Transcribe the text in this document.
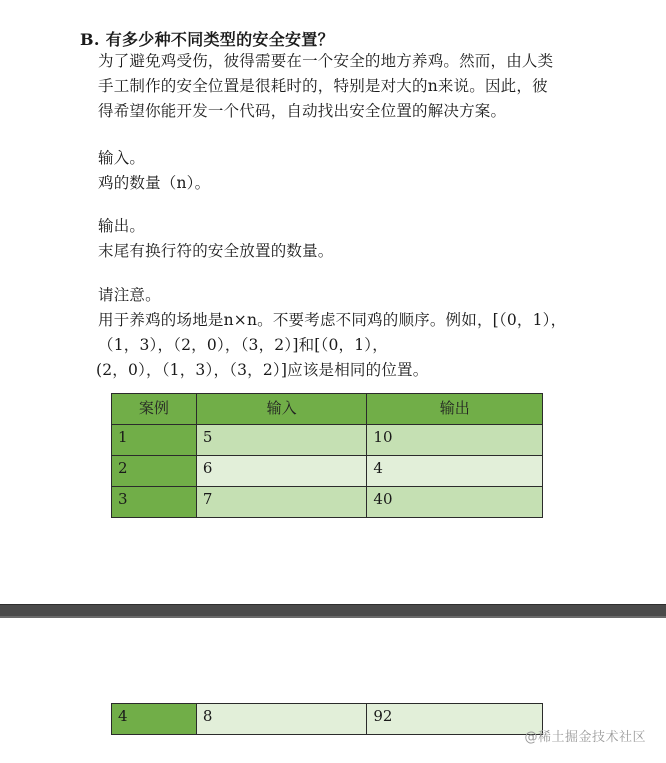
B. 有多少种不同类型的安全安置？
为了避免鸡受伤，彼得需要在一个安全的地方养鸡。然而，由人类
手工制作的安全位置是很耗时的，特别是对大的n来说。因此，彼
得希望你能开发一个代码，自动找出安全位置的解决方案。
输入。
鸡的数量（n）。
输出。
末尾有换行符的安全放置的数量。
请注意。
用于养鸡的场地是n×n。不要考虑不同鸡的顺序。例如，[（0，1），
（1，3），（2，0），（3，2）]和[（0，1），
(2，0），（1，3），（3，2）]应该是相同的位置。
案例	输入	输出
1	5	10
2	6	4
3	7	40
4	8	92
@稀土掘金技术社区
